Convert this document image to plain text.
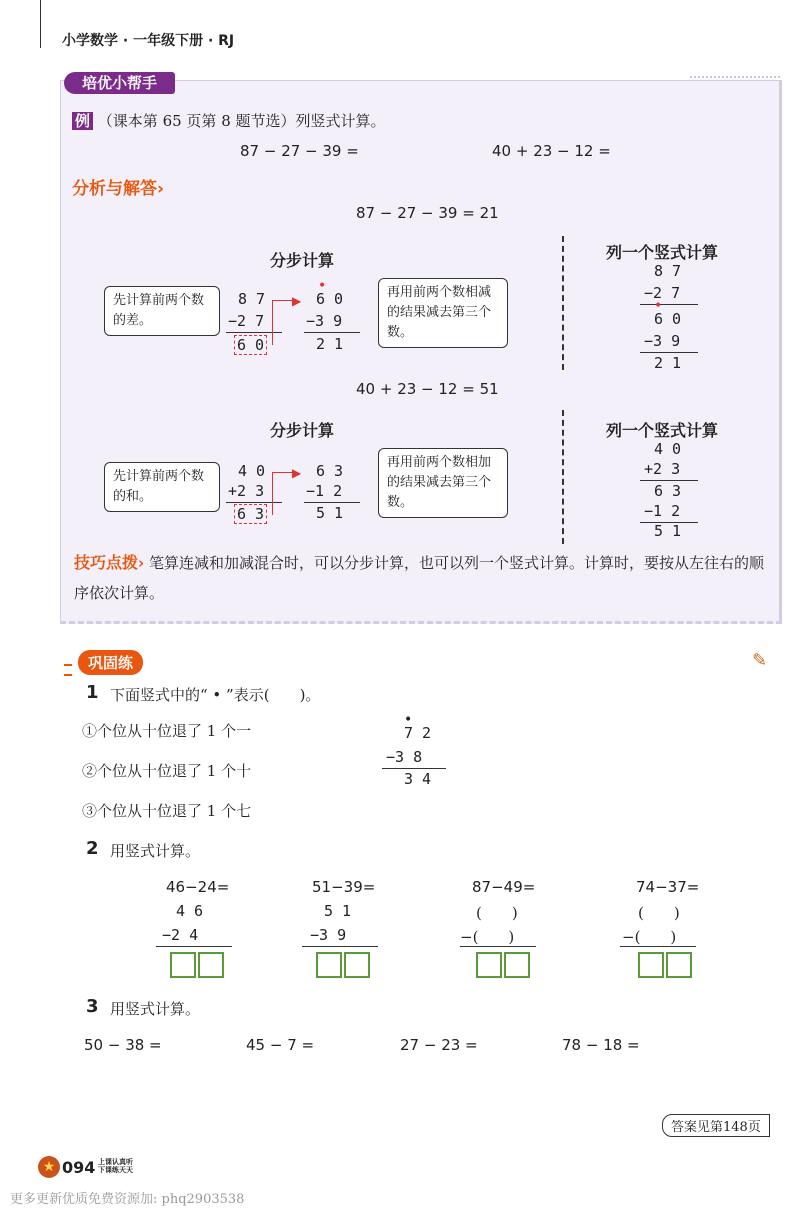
小学数学 · 一年级下册 · RJ
培优小帮手
例 （课本第 65 页第 8 题节选）列竖式计算。
87 − 27 − 39 =	40 + 23 − 12 =
分析与解答›
87 − 27 − 39 = 21
分步计算	列一个竖式计算
先计算前两个数的差。
8 7
−2 7
6 0
▶
•
6 0
−3 9
2 1
再用前两个数相减的结果减去第三个数。
8 7
−2 7
•
6 0
−3 9
2 1
40 + 23 − 12 = 51
分步计算	列一个竖式计算
先计算前两个数的和。
4 0
+2 3
6 3
▶ 6 3
−1 2
5 1
再用前两个数相加的结果减去第三个数。
4 0
+2 3
6 3
−1 2
5 1
技巧点拨› 笔算连减和加减混合时，可以分步计算，也可以列一个竖式计算。计算时，要按从左往右的顺序依次计算。
巩固练	✎
1 下面竖式中的“ • ”表示(　　)。
①个位从十位退了 1 个一
②个位从十位退了 1 个十
③个位从十位退了 1 个七
•
7 2
−3 8
3 4
2 用竖式计算。
46−24=
4 6
−2 4
51−39=
5 1
−3 9
87−49=
(　　)
−(　　)
74−37=
(　　)
−(　　)
3 用竖式计算。
50 − 38 =	45 − 7 =	27 − 23 =	78 − 18 =
答案见第148页
★ 094 上课认真听
下课练天天
更多更新优质免费资源加: phq2903538
